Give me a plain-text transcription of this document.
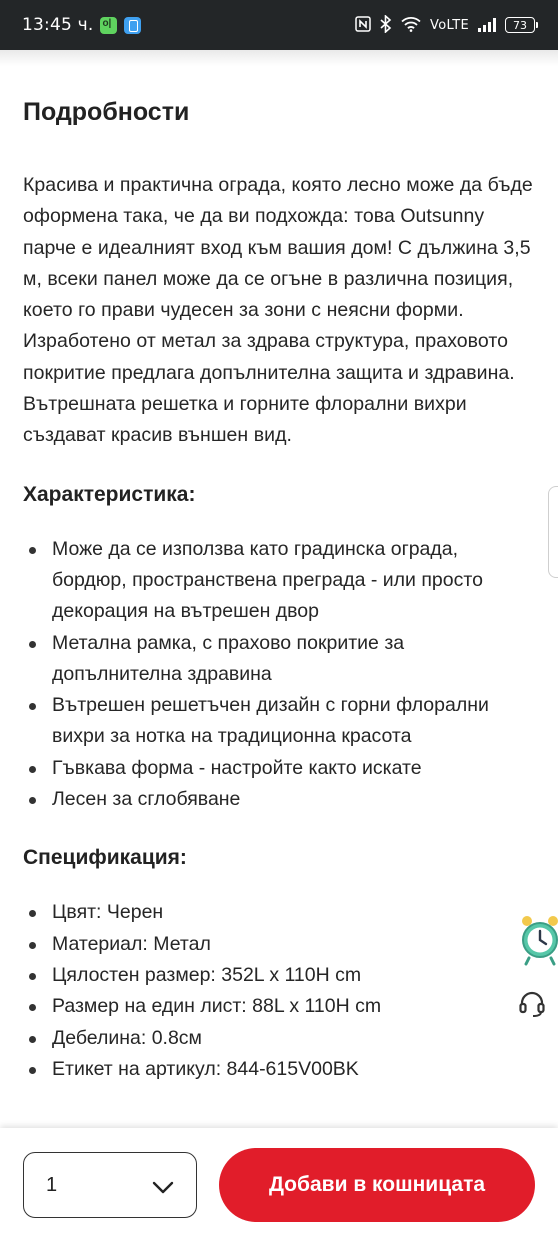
13:45 ч.
o|	VoLTE	73
Подробности

Красива и практична ограда, която лесно може да бъде оформена така, че да ви подхожда: това Outsunny парче е идеалният вход към вашия дом! С дължина 3,5 м, всеки панел може да се огъне в различна позиция, което го прави чудесен за зони с неясни форми. Изработено от метал за здрава структура, праховото покритие предлага допълнителна защита и здравина. Вътрешната решетка и горните флорални вихри създават красив външен вид.

Характеристика:
Може да се използва като градинска ограда, бордюр, пространствена преграда - или просто декорация на вътрешен двор
Метална рамка, с прахово покритие за допълнителна здравина
Вътрешен решетъчен дизайн с горни флорални вихри за нотка на традиционна красота
Гъвкава форма - настройте както искате
Лесен за сглобяване
Спецификация:
Цвят: Черен
Материал: Метал
Цялостен размер: 352L x 110H cm
Размер на един лист: 88L x 110H cm
Дебелина: 0.8см
Етикет на артикул: 844-615V00BK
1	Добави в кошницата
